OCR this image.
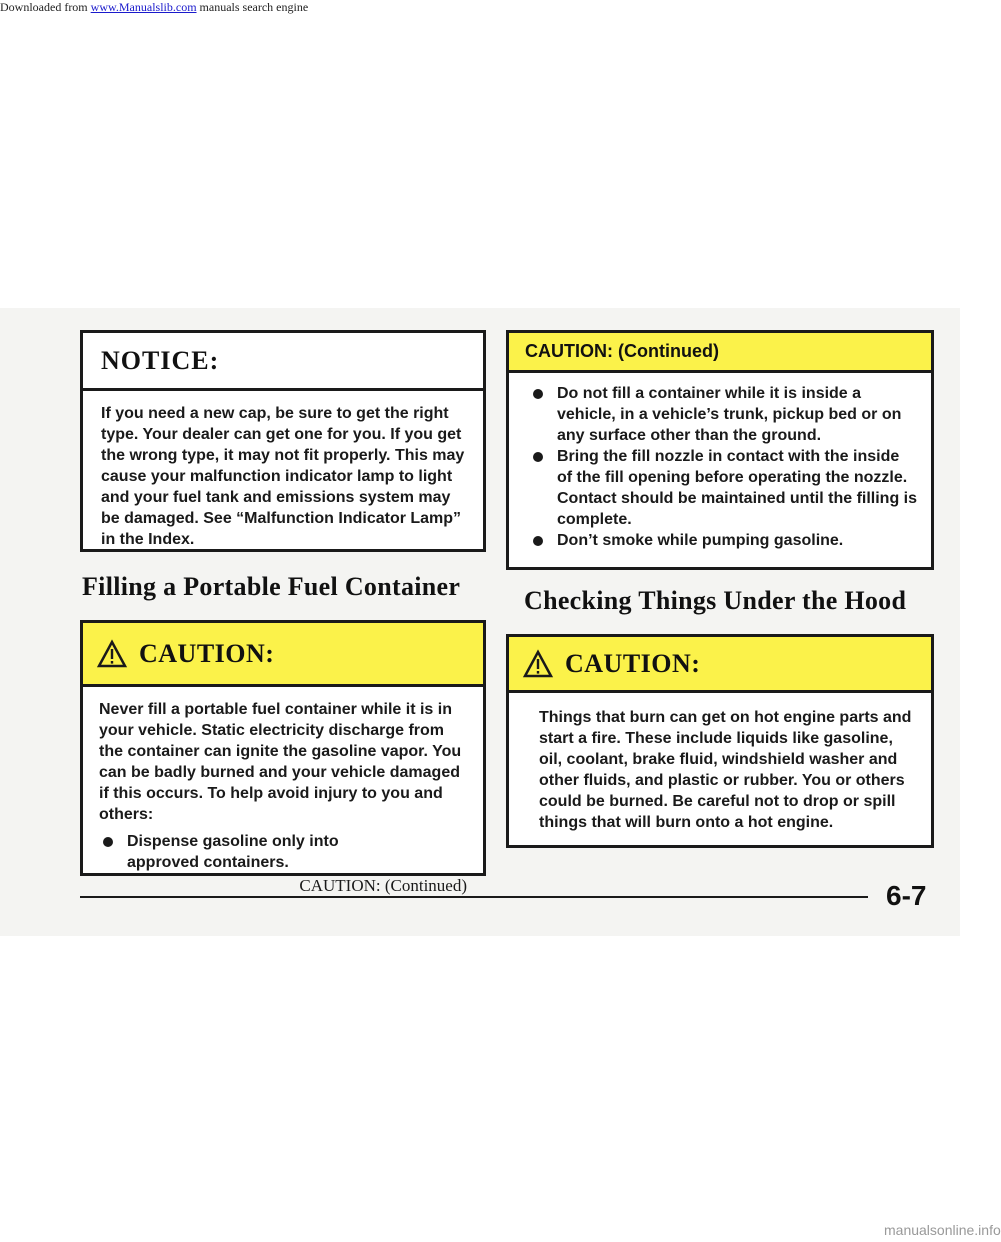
Downloaded from www.Manualslib.com manuals search engine
NOTICE:
If you need a new cap, be sure to get the right type. Your dealer can get one for you. If you get the wrong type, it may not fit properly. This may cause your malfunction indicator lamp to light and your fuel tank and emissions system may be damaged. See “Malfunction Indicator Lamp” in the Index.
Filling a Portable Fuel Container
CAUTION:
Never fill a portable fuel container while it is in your vehicle. Static electricity discharge from the container can ignite the gasoline vapor. You can be badly burned and your vehicle damaged if this occurs. To help avoid injury to you and others:
Dispense gasoline only into approved containers.
CAUTION: (Continued)
CAUTION: (Continued)
Do not fill a container while it is inside a vehicle, in a vehicle’s trunk, pickup bed or on any surface other than the ground.
Bring the fill nozzle in contact with the inside of the fill opening before operating the nozzle. Contact should be maintained until the filling is complete.
Don’t smoke while pumping gasoline.
Checking Things Under the Hood
CAUTION:
Things that burn can get on hot engine parts and start a fire. These include liquids like gasoline, oil, coolant, brake fluid, windshield washer and other fluids, and plastic or rubber. You or others could be burned. Be careful not to drop or spill things that will burn onto a hot engine.
6-7
manualsonline.info
